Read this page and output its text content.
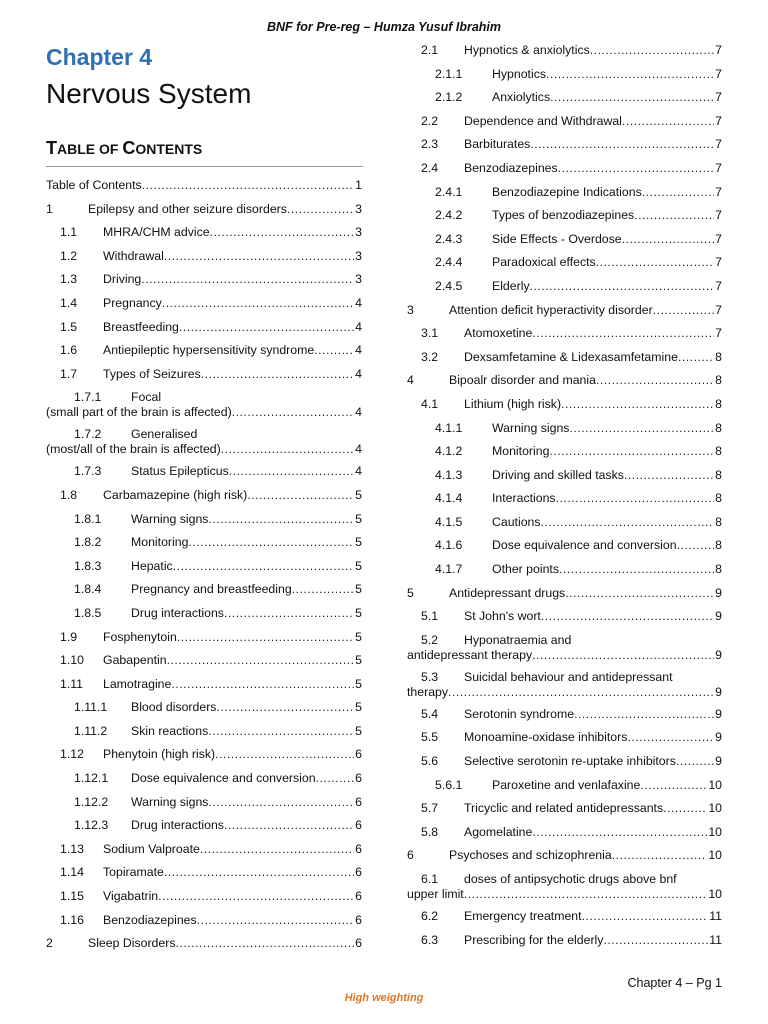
BNF for Pre-reg – Humza Yusuf Ibrahim
Chapter 4
Nervous System
TABLE OF CONTENTS
Table of Contents .....	1
1	Epilepsy and other seizure disorders .....	3
1.1	MHRA/CHM advice .....	3
1.2	Withdrawal .....	3
1.3	Driving .....	3
1.4	Pregnancy .....	4
1.5	Breastfeeding .....	4
1.6	Antiepileptic hypersensitivity syndrome .....	4
1.7	Types of Seizures .....	4
1.7.1 Focal
(small part of the brain is affected) .....	4
1.7.2 Generalised
(most/all of the brain is affected) .....	4
1.7.3	Status Epilepticus .....	4
1.8	Carbamazepine (high risk) .....	5
1.8.1	Warning signs .....	5
1.8.2	Monitoring .....	5
1.8.3	Hepatic .....	5
1.8.4	Pregnancy and breastfeeding .....	5
1.8.5	Drug interactions .....	5
1.9	Fosphenytoin .....	5
1.10	Gabapentin .....	5
1.11	Lamotragine .....	5
1.11.1	Blood disorders .....	5
1.11.2	Skin reactions .....	5
1.12	Phenytoin (high risk) .....	6
1.12.1	Dose equivalence and conversion .....	6
1.12.2	Warning signs .....	6
1.12.3	Drug interactions .....	6
1.13	Sodium Valproate .....	6
1.14	Topiramate .....	6
1.15	Vigabatrin .....	6
1.16	Benzodiazepines .....	6
2	Sleep Disorders .....	6
2.1	Hypnotics & anxiolytics .....	7
2.1.1	Hypnotics .....	7
2.1.2	Anxiolytics .....	7
2.2	Dependence and Withdrawal .....	7
2.3	Barbiturates .....	7
2.4	Benzodiazepines .....	7
2.4.1	Benzodiazepine Indications .....	7
2.4.2	Types of benzodiazepines .....	7
2.4.3	Side Effects - Overdose .....	7
2.4.4	Paradoxical effects .....	7
2.4.5	Elderly .....	7
3	Attention deficit hyperactivity disorder .....	7
3.1	Atomoxetine .....	7
3.2	Dexsamfetamine & Lidexasamfetamine .....	8
4	Bipoalr disorder and mania .....	8
4.1	Lithium (high risk) .....	8
4.1.1	Warning signs .....	8
4.1.2	Monitoring .....	8
4.1.3	Driving and skilled tasks .....	8
4.1.4	Interactions .....	8
4.1.5	Cautions .....	8
4.1.6	Dose equivalence and conversion .....	8
4.1.7	Other points .....	8
5	Antidepressant drugs .....	9
5.1	St John's wort .....	9
5.2 Hyponatraemia and
antidepressant therapy .....	9
5.3 Suicidal behaviour and antidepressant
therapy .....	9
5.4	Serotonin syndrome .....	9
5.5	Monoamine-oxidase inhibitors .....	9
5.6	Selective serotonin re-uptake inhibitors .....	9
5.6.1	Paroxetine and venlafaxine .....	10
5.7	Tricyclic and related antidepressants .....	10
5.8	Agomelatine .....	10
6	Psychoses and schizophrenia .....	10
6.1 doses of antipsychotic drugs above bnf
upper limit .....	10
6.2	Emergency treatment .....	11
6.3	Prescribing for the elderly .....	11
Chapter 4 – Pg 1
High weighting
